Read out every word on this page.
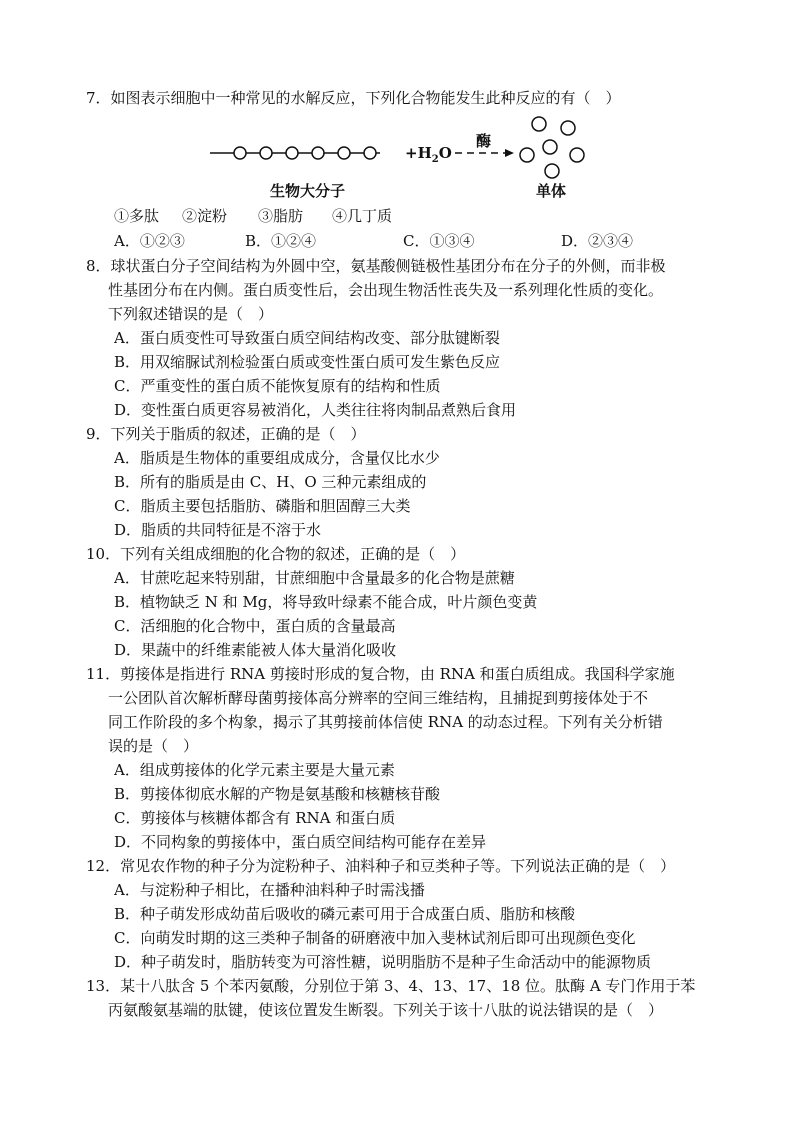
7．如图表示细胞中一种常见的水解反应，下列化合物能发生此种反应的有（　）
$+H_2O$
酶
生物大分子	单体
①多肽 ②淀粉 ③脂肪 ④几丁质
A．①②③	B．①②④	C．①③④	D．②③④
8．球状蛋白分子空间结构为外圆中空，氨基酸侧链极性基团分布在分子的外侧，而非极
性基团分布在内侧。蛋白质变性后，会出现生物活性丧失及一系列理化性质的变化。
下列叙述错误的是（　）
A．蛋白质变性可导致蛋白质空间结构改变、部分肽键断裂
B．用双缩脲试剂检验蛋白质或变性蛋白质可发生紫色反应
C．严重变性的蛋白质不能恢复原有的结构和性质
D．变性蛋白质更容易被消化，人类往往将肉制品煮熟后食用
9．下列关于脂质的叙述，正确的是（　）
A．脂质是生物体的重要组成成分，含量仅比水少
B．所有的脂质是由 C、H、O 三种元素组成的
C．脂质主要包括脂肪、磷脂和胆固醇三大类
D．脂质的共同特征是不溶于水
10．下列有关组成细胞的化合物的叙述，正确的是（　）
A．甘蔗吃起来特别甜，甘蔗细胞中含量最多的化合物是蔗糖
B．植物缺乏 N 和 Mg，将导致叶绿素不能合成，叶片颜色变黄
C．活细胞的化合物中，蛋白质的含量最高
D．果蔬中的纤维素能被人体大量消化吸收
11．剪接体是指进行 RNA 剪接时形成的复合物，由 RNA 和蛋白质组成。我国科学家施
一公团队首次解析酵母菌剪接体高分辨率的空间三维结构，且捕捉到剪接体处于不
同工作阶段的多个构象，揭示了其剪接前体信使 RNA 的动态过程。下列有关分析错
误的是（　）
A．组成剪接体的化学元素主要是大量元素
B．剪接体彻底水解的产物是氨基酸和核糖核苷酸
C．剪接体与核糖体都含有 RNA 和蛋白质
D．不同构象的剪接体中，蛋白质空间结构可能存在差异
12．常见农作物的种子分为淀粉种子、油料种子和豆类种子等。下列说法正确的是（　）
A．与淀粉种子相比，在播种油料种子时需浅播
B．种子萌发形成幼苗后吸收的磷元素可用于合成蛋白质、脂肪和核酸
C．向萌发时期的这三类种子制备的研磨液中加入斐林试剂后即可出现颜色变化
D．种子萌发时，脂肪转变为可溶性糖，说明脂肪不是种子生命活动中的能源物质
13．某十八肽含 5 个苯丙氨酸，分别位于第 3、4、13、17、18 位。肽酶 A 专门作用于苯
丙氨酸氨基端的肽键，使该位置发生断裂。下列关于该十八肽的说法错误的是（　）
